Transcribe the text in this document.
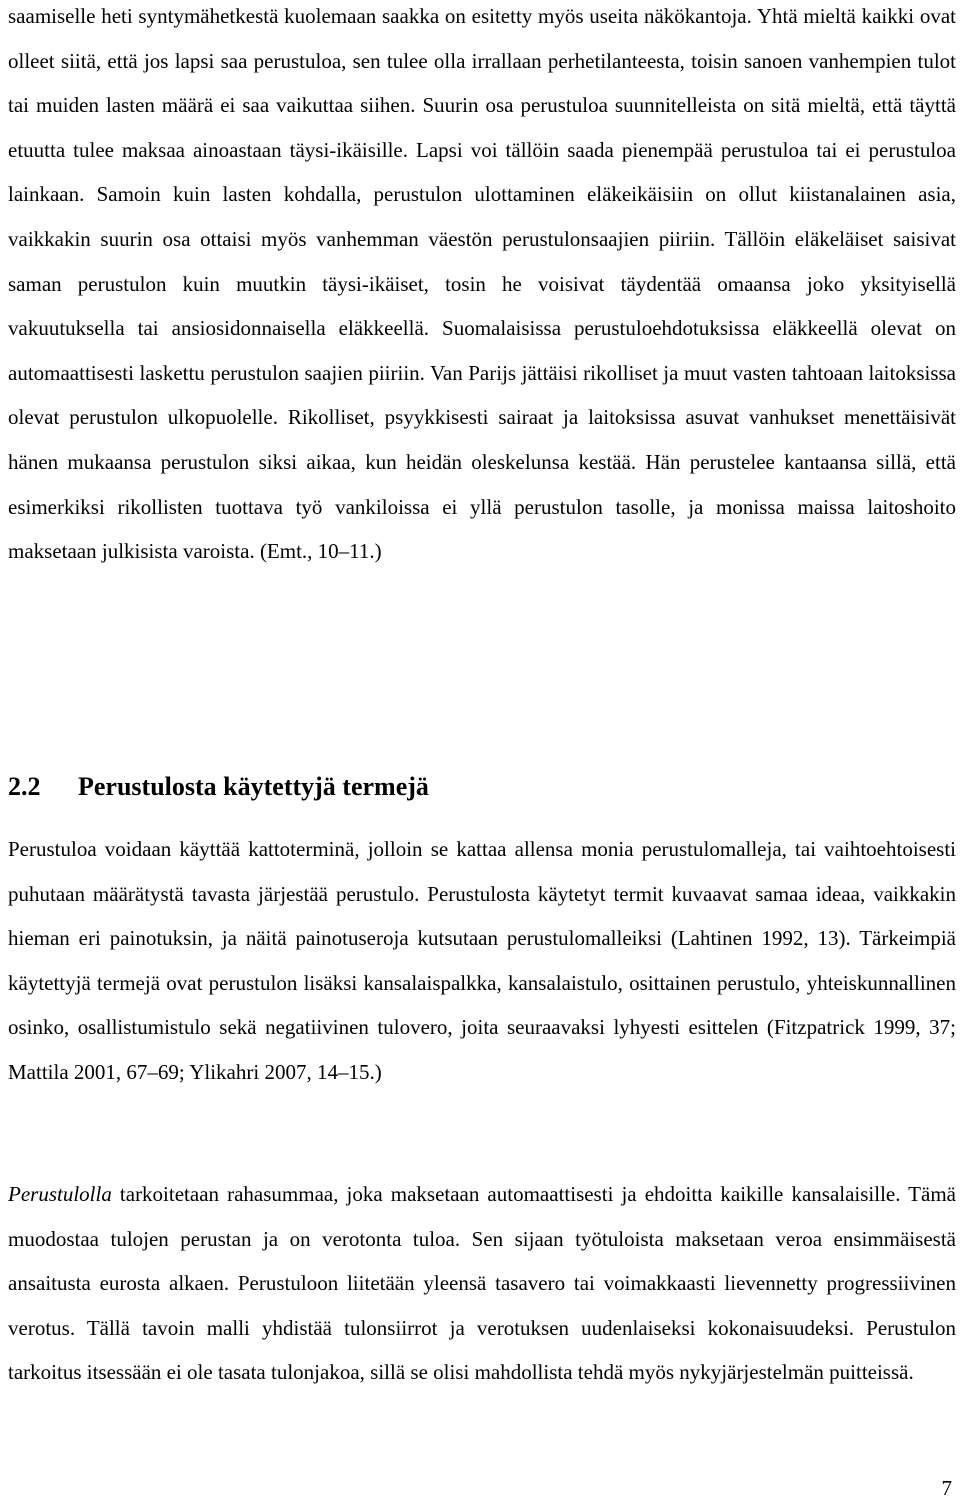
saamiselle heti syntymähetkestä kuolemaan saakka on esitetty myös useita näkökantoja. Yhtä mieltä kaikki ovat olleet siitä, että jos lapsi saa perustuloa, sen tulee olla irrallaan perhetilanteesta, toisin sanoen vanhempien tulot tai muiden lasten määrä ei saa vaikuttaa siihen. Suurin osa perustuloa suunnitelleista on sitä mieltä, että täyttä etuutta tulee maksaa ainoastaan täysi-ikäisille. Lapsi voi tällöin saada pienempää perustuloa tai ei perustuloa lainkaan. Samoin kuin lasten kohdalla, perustulon ulottaminen eläkeikäisiin on ollut kiistanalainen asia, vaikkakin suurin osa ottaisi myös vanhemman väestön perustulonsaajien piiriin. Tällöin eläkeläiset saisivat saman perustulon kuin muutkin täysi-ikäiset, tosin he voisivat täydentää omaansa joko yksityisellä vakuutuksella tai ansiosidonnaisella eläkkeellä. Suomalaisissa perustuloehdotuksissa eläkkeellä olevat on automaattisesti laskettu perustulon saajien piiriin. Van Parijs jättäisi rikolliset ja muut vasten tahtoaan laitoksissa olevat perustulon ulkopuolelle. Rikolliset, psyykkisesti sairaat ja laitoksissa asuvat vanhukset menettäisivät hänen mukaansa perustulon siksi aikaa, kun heidän oleskelunsa kestää. Hän perustelee kantaansa sillä, että esimerkiksi rikollisten tuottava työ vankiloissa ei yllä perustulon tasolle, ja monissa maissa laitoshoito maksetaan julkisista varoista. (Emt., 10–11.)

2.2 Perustulosta käytettyjä termejä

Perustuloa voidaan käyttää kattoterminä, jolloin se kattaa allensa monia perustulomalleja, tai vaihtoehtoisesti puhutaan määrätystä tavasta järjestää perustulo. Perustulosta käytetyt termit kuvaavat samaa ideaa, vaikkakin hieman eri painotuksin, ja näitä painotuseroja kutsutaan perustulomalleiksi (Lahtinen 1992, 13). Tärkeimpiä käytettyjä termejä ovat perustulon lisäksi kansalaispalkka, kansalaistulo, osittainen perustulo, yhteiskunnallinen osinko, osallistumistulo sekä negatiivinen tulovero, joita seuraavaksi lyhyesti esittelen (Fitzpatrick 1999, 37; Mattila 2001, 67–69; Ylikahri 2007, 14–15.)

Perustulolla tarkoitetaan rahasummaa, joka maksetaan automaattisesti ja ehdoitta kaikille kansalaisille. Tämä muodostaa tulojen perustan ja on verotonta tuloa. Sen sijaan työtuloista maksetaan veroa ensimmäisestä ansaitusta eurosta alkaen. Perustuloon liitetään yleensä tasavero tai voimakkaasti lievennetty progressiivinen verotus. Tällä tavoin malli yhdistää tulonsiirrot ja verotuksen uudenlaiseksi kokonaisuudeksi. Perustulon tarkoitus itsessään ei ole tasata tulonjakoa, sillä se olisi mahdollista tehdä myös nykyjärjestelmän puitteissä.

7
